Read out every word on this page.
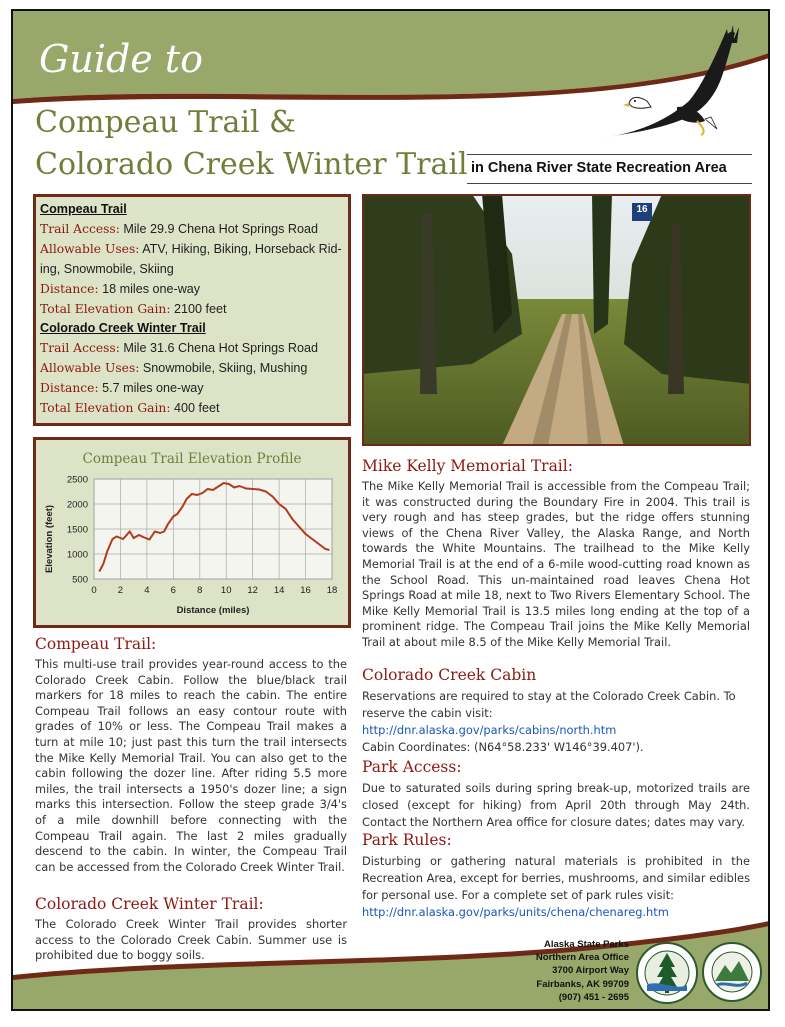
Guide to
Compeau Trail &
Colorado Creek Winter Trail in Chena River State Recreation Area
Compeau Trail
Trail Access: Mile 29.9 Chena Hot Springs Road
Allowable Uses: ATV, Hiking, Biking, Horseback Rid-
ing, Snowmobile, Skiing
Distance: 18 miles one-way
Total Elevation Gain: 2100 feet
Colorado Creek Winter Trail
Trail Access: Mile 31.6 Chena Hot Springs Road
Allowable Uses: Snowmobile, Skiing, Mushing
Distance: 5.7 miles one-way
Total Elevation Gain: 400 feet
16
Compeau Trail Elevation Profile
500
1000
1500
2000
2500
0 2 4 6 8 10 12 14 16 18
Distance (miles)
Elevation (feet)
Compeau Trail:

This multi-use trail provides year-round access to the Colorado Creek Cabin. Follow the blue/black trail markers for 18 miles to reach the cabin. The entire Compeau Trail follows an easy contour route with grades of 10% or less. The Compeau Trail makes a turn at mile 10; just past this turn the trail intersects the Mike Kelly Memorial Trail. You can also get to the cabin following the dozer line. After riding 5.5 more miles, the trail intersects a 1950's dozer line; a sign marks this intersection. Follow the steep grade 3/4's of a mile downhill before connecting with the Compeau Trail again. The last 2 miles gradually descend to the cabin. In winter, the Compeau Trail can be accessed from the Colorado Creek Winter Trail.

Colorado Creek Winter Trail:

The Colorado Creek Winter Trail provides shorter access to the Colorado Creek Cabin. Summer use is prohibited due to boggy soils.

Mike Kelly Memorial Trail:

The Mike Kelly Memorial Trail is accessible from the Compeau Trail; it was constructed during the Boundary Fire in 2004. This trail is very rough and has steep grades, but the ridge offers stunning views of the Chena River Valley, the Alaska Range, and North towards the White Mountains. The trailhead to the Mike Kelly Memorial Trail is at the end of a 6-mile wood-cutting road known as the School Road. This un-maintained road leaves Chena Hot Springs Road at mile 18, next to Two Rivers Elementary School. The Mike Kelly Memorial Trail is 13.5 miles long ending at the top of a prominent ridge. The Compeau Trail joins the Mike Kelly Memorial Trail at about mile 8.5 of the Mike Kelly Memorial Trail.

Colorado Creek Cabin
Reservations are required to stay at the Colorado Creek Cabin. To
reserve the cabin visit:
http://dnr.alaska.gov/parks/cabins/north.htm
Cabin Coordinates: (N64°58.233' W146°39.407').
Park Access:

Due to saturated soils during spring break-up, motorized trails are closed (except for hiking) from April 20th through May 24th. Contact the Northern Area office for closure dates; dates may vary.

Park Rules:

Disturbing or gathering natural materials is prohibited in the Recreation Area, except for berries, mushrooms, and similar edibles for personal use. For a complete set of park rules visit:

http://dnr.alaska.gov/parks/units/chena/chenareg.htm

Alaska State Parks
Northern Area Office
3700 Airport Way
Fairbanks, AK 99709
(907) 451 - 2695
